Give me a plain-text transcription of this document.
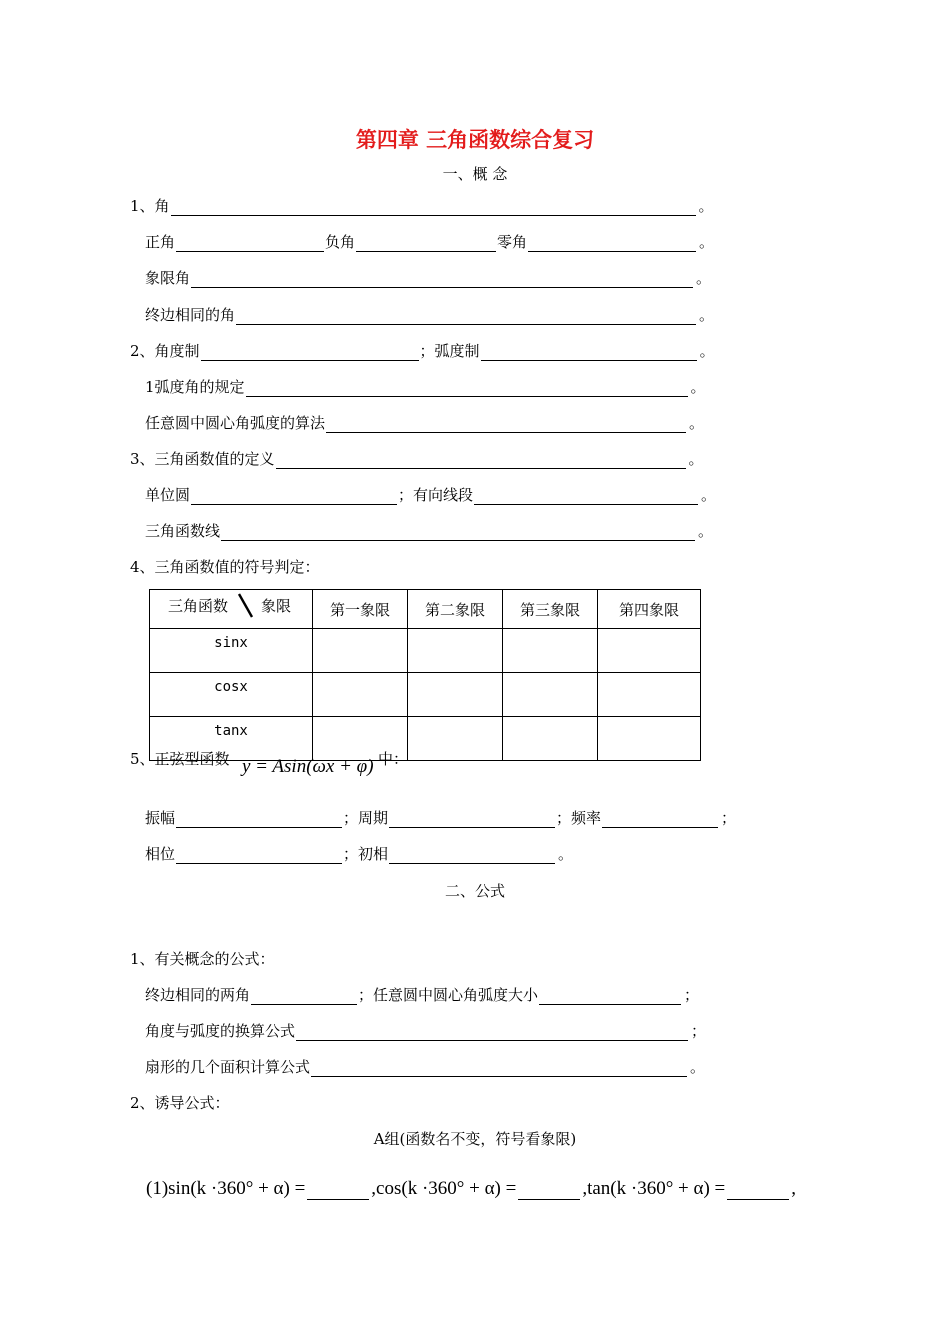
第四章 三角函数综合复习
一、概 念
1、角	。
正角	负角	零角	。
象限角	。
终边相同的角	。
2、角度制	；弧度制	。
1弧度角的规定	。
任意圆中圆心角弧度的算法	。
3、三角函数值的定义	。
单位圆	；有向线段	。
三角函数线	。
4、三角函数值的符号判定：
三角函数 象限	第一象限	第二象限	第三象限	第四象限
sinx				
cosx				
tanx				
5、正弦型函数 y = Asin(ωx + φ) 中：
振幅	；周期	；频率	；
相位	；初相	。
二、公式
1、有关概念的公式：
终边相同的两角	；任意圆中圆心角弧度大小	；
角度与弧度的换算公式	；
扇形的几个面积计算公式	。
2、诱导公式：
A组(函数名不变，符号看象限)
(1)sin(k ·360° + α) =	,cos(k ·360° + α) =	,tan(k ·360° + α) =	,
